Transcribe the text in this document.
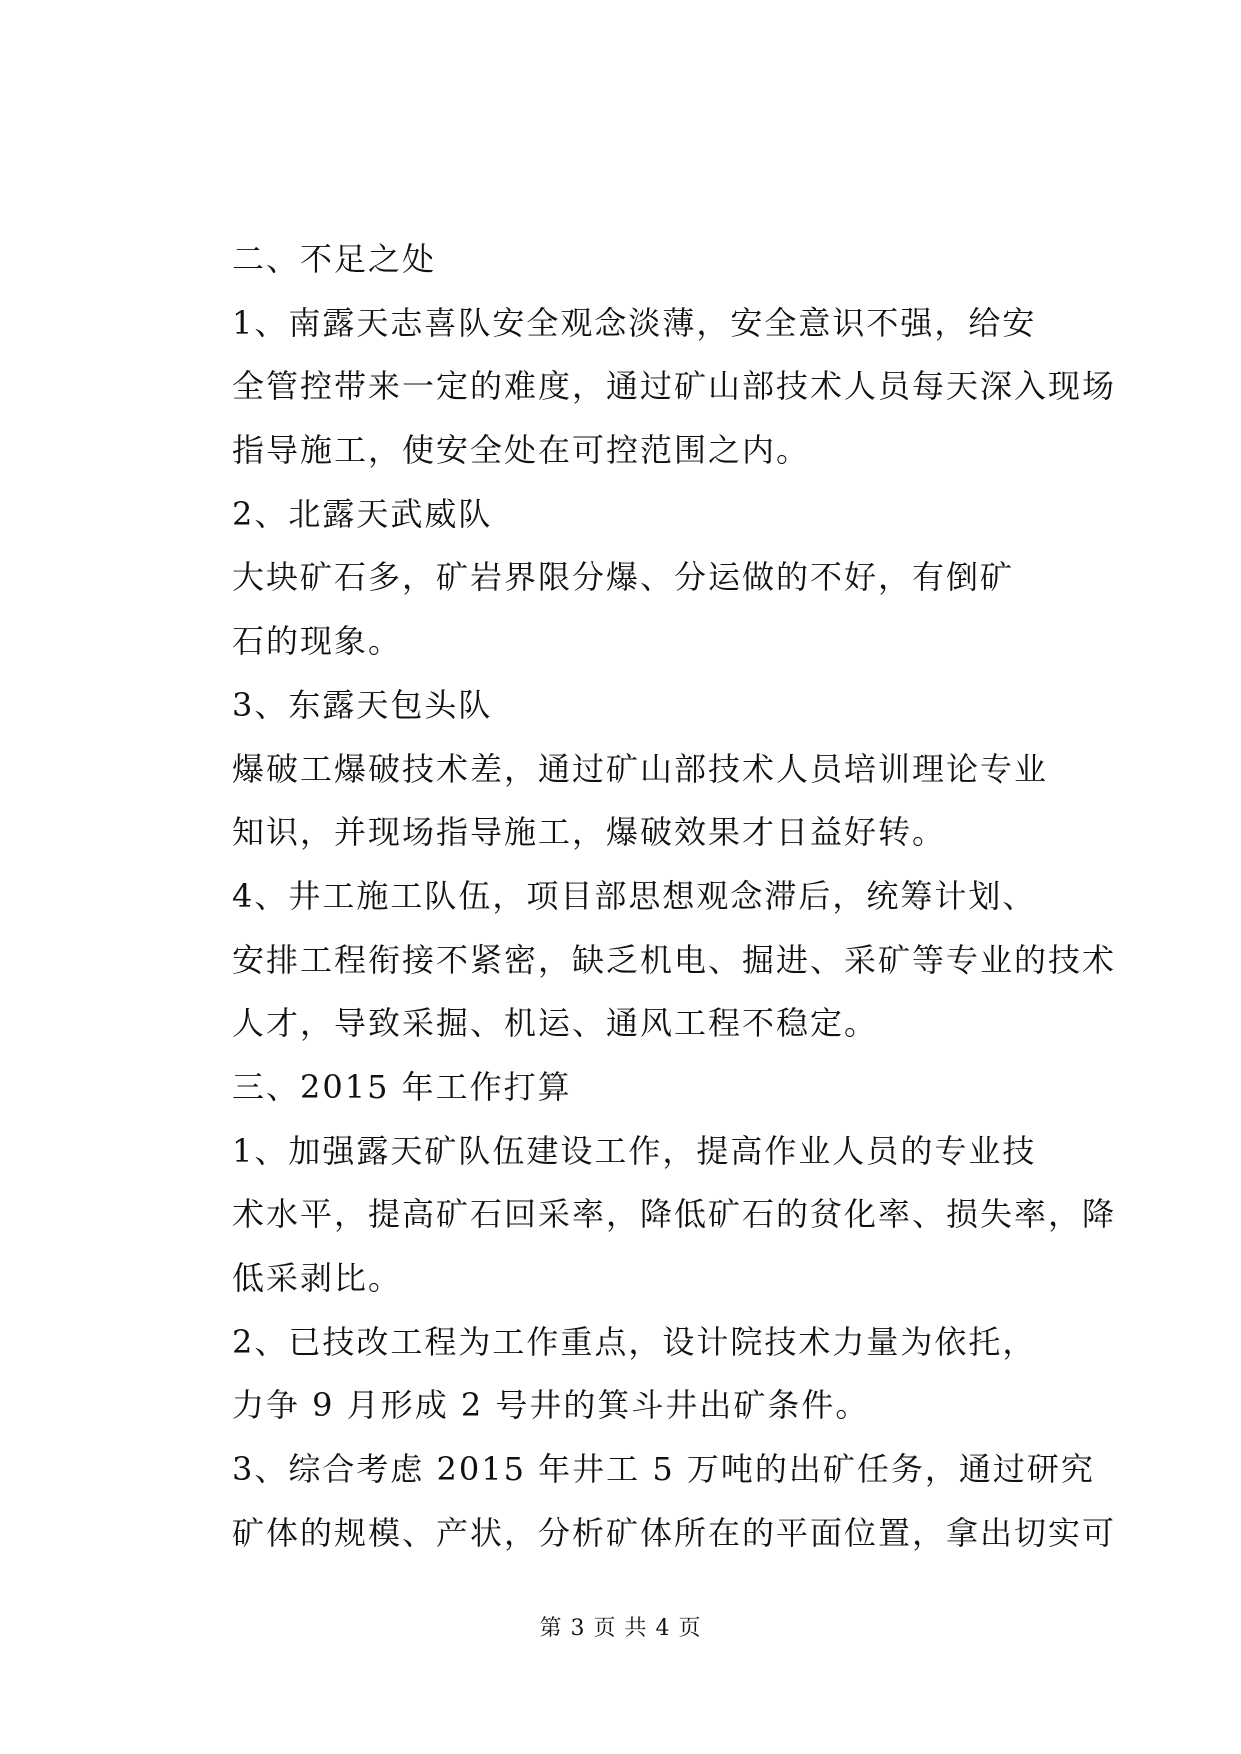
二、不足之处
1、南露天志喜队安全观念淡薄，安全意识不强，给安
全管控带来一定的难度，通过矿山部技术人员每天深入现场
指导施工，使安全处在可控范围之内。
2、北露天武威队
大块矿石多，矿岩界限分爆、分运做的不好，有倒矿
石的现象。
3、东露天包头队
爆破工爆破技术差，通过矿山部技术人员培训理论专业
知识，并现场指导施工，爆破效果才日益好转。
4、井工施工队伍，项目部思想观念滞后，统筹计划、
安排工程衔接不紧密，缺乏机电、掘进、采矿等专业的技术
人才，导致采掘、机运、通风工程不稳定。
三、2015 年工作打算
1、加强露天矿队伍建设工作，提高作业人员的专业技
术水平，提高矿石回采率，降低矿石的贫化率、损失率，降
低采剥比。
2、已技改工程为工作重点，设计院技术力量为依托，
力争 9 月形成 2 号井的箕斗井出矿条件。
3、综合考虑 2015 年井工 5 万吨的出矿任务，通过研究
矿体的规模、产状，分析矿体所在的平面位置，拿出切实可
第 3 页 共 4 页
